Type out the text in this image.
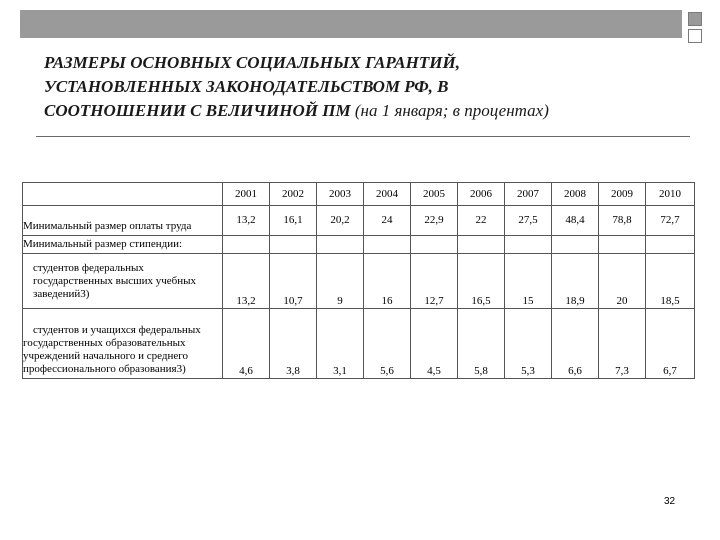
РАЗМЕРЫ ОСНОВНЫХ СОЦИАЛЬНЫХ ГАРАНТИЙ,
УСТАНОВЛЕННЫХ ЗАКОНОДАТЕЛЬСТВОМ РФ, В
СООТНОШЕНИИ С ВЕЛИЧИНОЙ ПМ (на 1 января; в процентах)
	2001	2002	2003	2004	2005	2006	2007	2008	2009	2010
Минимальный размер оплаты труда	13,2	16,1	20,2	24	22,9	22	27,5	48,4	78,8	72,7
Минимальный размер стипендии:										

студентов федеральных государственных высших учебных заведений3)	13,2	10,7	9	16	12,7	16,5	15	18,9	20	18,5

студентов и учащихся федеральных государственных образовательных учреждений начального и среднего профессионального образования3)	4,6	3,8	3,1	5,6	4,5	5,8	5,3	6,6	7,3	6,7
32
